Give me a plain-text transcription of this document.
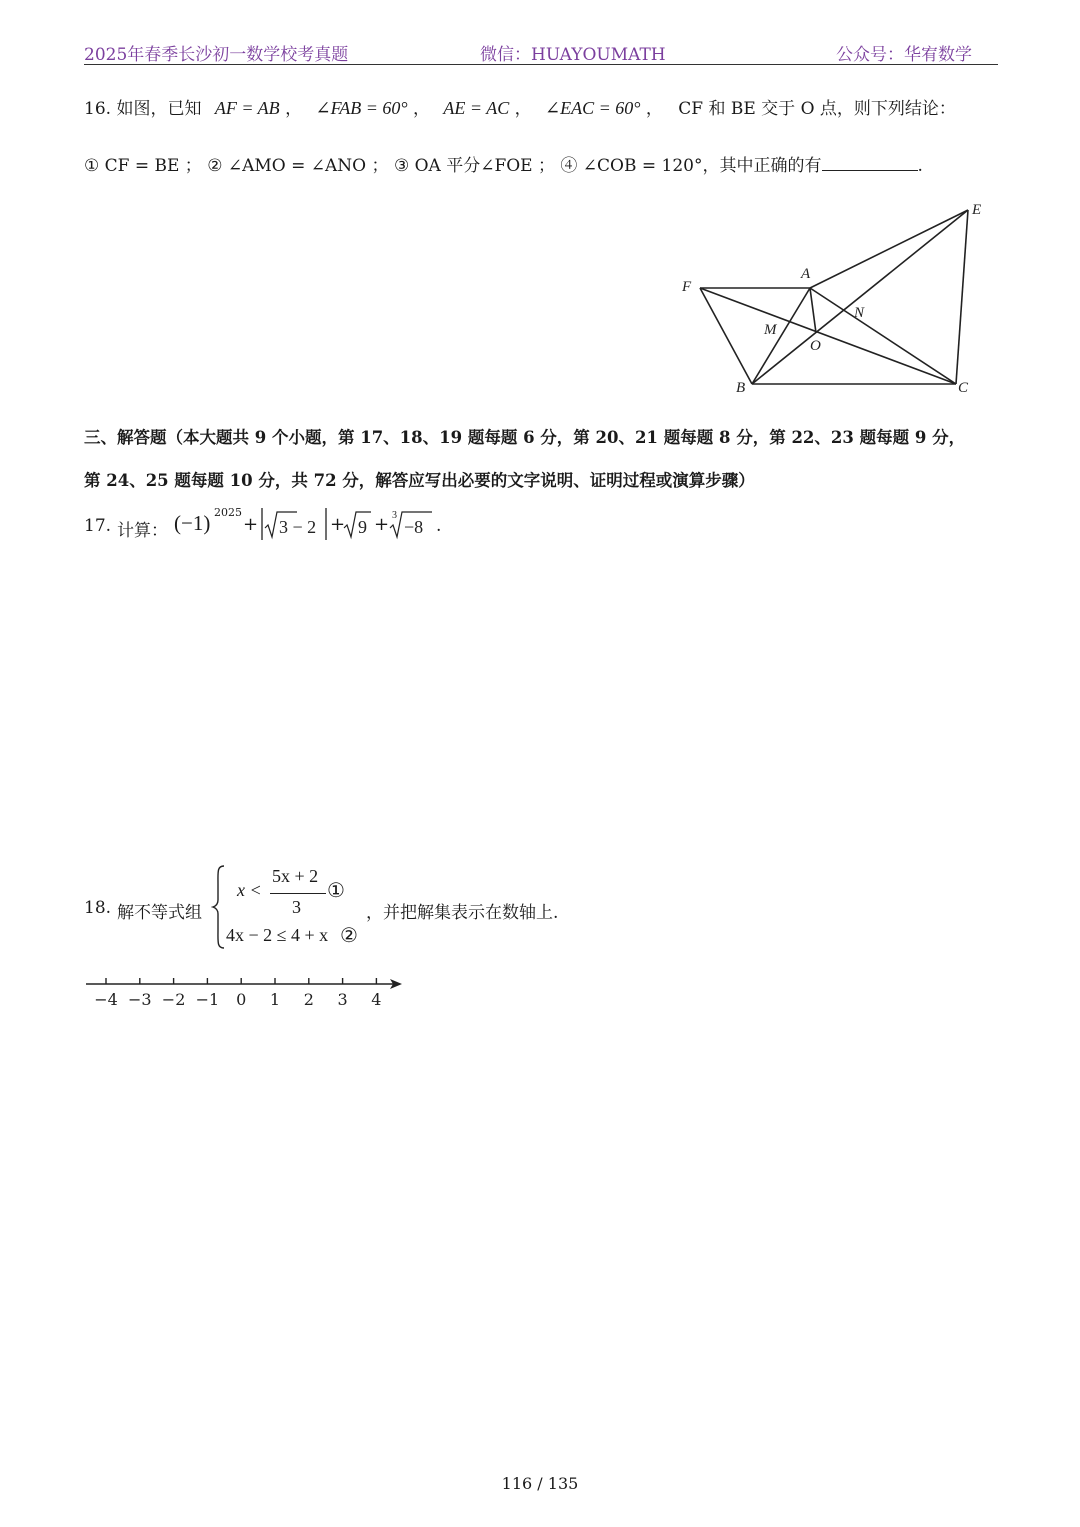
2025年春季长沙初一数学校考真题	微信：HUAYOUMATH	公众号：华宥数学
16. 如图，已知 AF = AB ， ∠FAB = 60° ， AE = AC ， ∠EAC = 60° ， CF 和 BE 交于 O 点，则下列结论：
① CF = BE ； ② ∠AMO = ∠ANO ； ③ OA 平分∠FOE ； ④ ∠COB = 120°，其中正确的有	.
E
A
F
N
M
O
B	C
三、解答题（本大题共 9 个小题，第 17、18、19 题每题 6 分，第 20、21 题每题 8 分，第 22、23 题每题 9 分，
第 24、25 题每题 10 分，共 72 分，解答应写出必要的文字说明、证明过程或演算步骤）
17. 计算： (−1) 2025
+ 3 − 2 + 9 + 3
−8 .
18. 解不等式组
x <
5x + 2
3
①
4x − 2 ≤ 4 + x ②
，并把解集表示在数轴上.
−4 −3 −2 −1 0 1 2 3 4
116 / 135
